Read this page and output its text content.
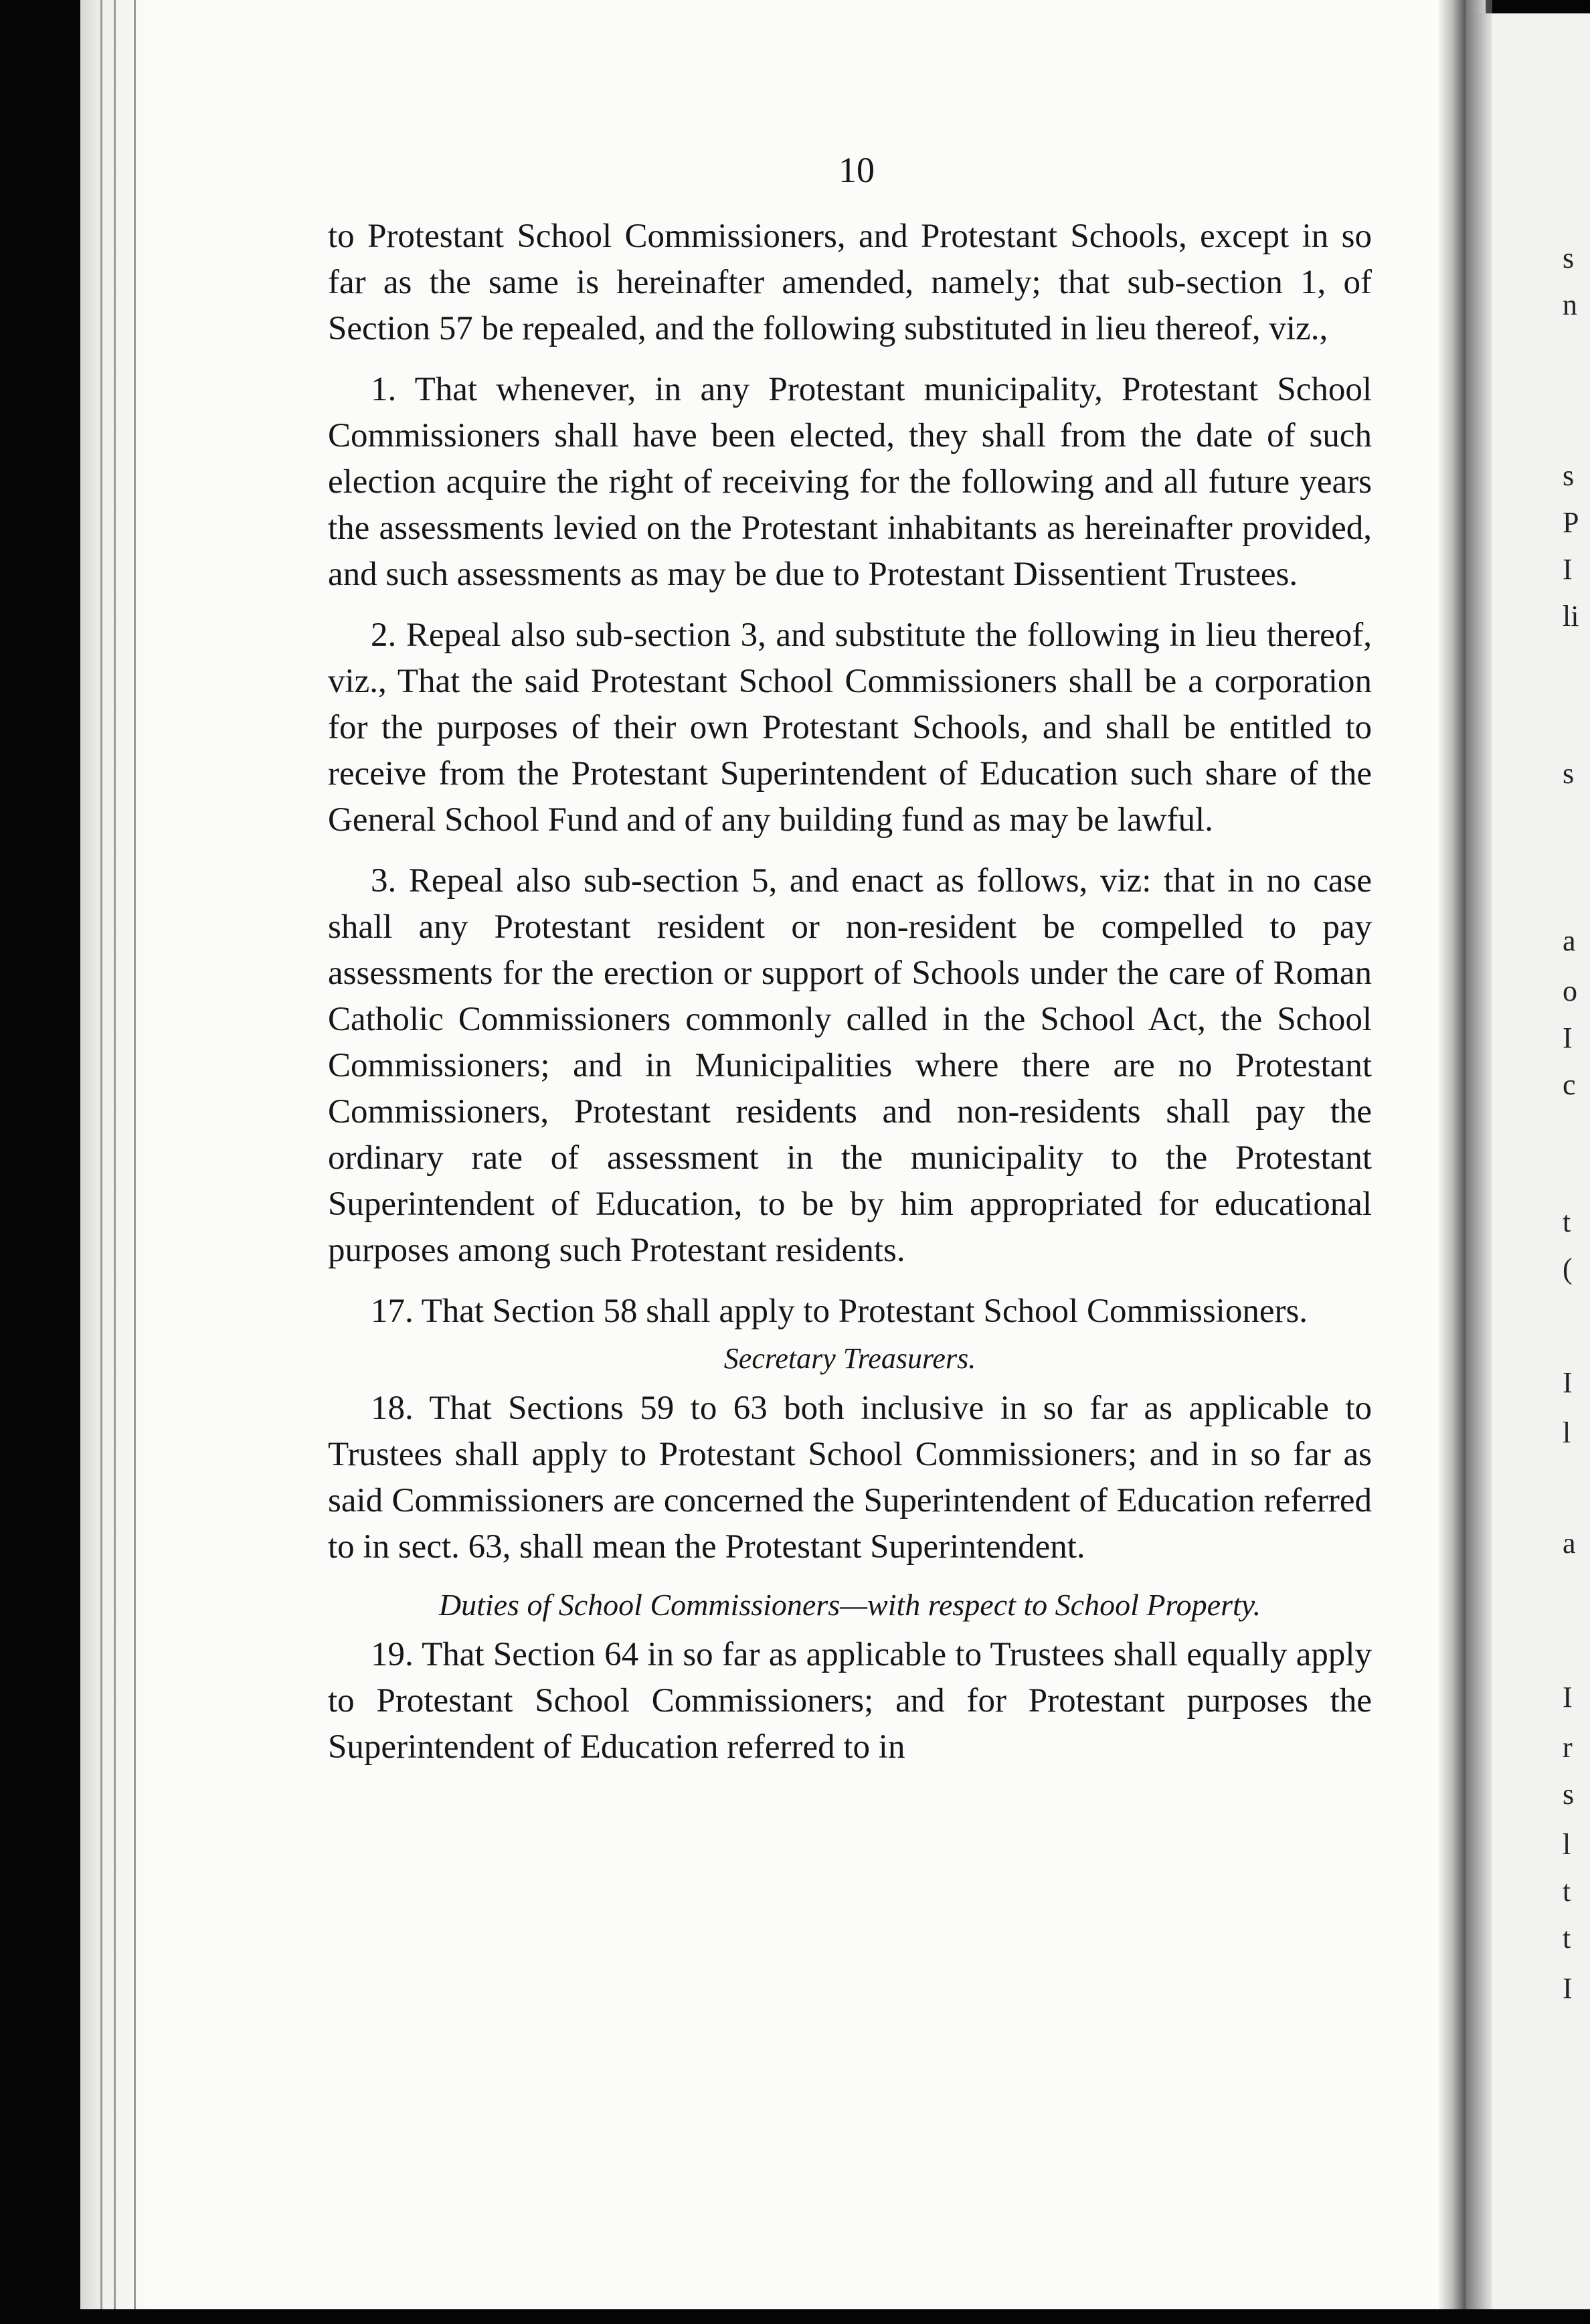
s
n
s
P
I
li
s
a
o
I
c
t
(
I
l
a
I
r
s
l
t
t
I
10

to Protestant School Commissioners, and Protestant Schools, except in so far as the same is hereinafter amended, namely; that sub-section 1, of Section 57 be repealed, and the following substituted in lieu thereof, viz.,

1. That whenever, in any Protestant municipality, Protestant School Commissioners shall have been elected, they shall from the date of such election acquire the right of receiving for the following and all future years the assessments levied on the Protestant inhabitants as hereinafter provided, and such assessments as may be due to Protestant Dissentient Trustees.

2. Repeal also sub-section 3, and substitute the following in lieu thereof, viz., That the said Protestant School Commissioners shall be a corporation for the purposes of their own Protestant Schools, and shall be entitled to receive from the Protestant Superintendent of Education such share of the General School Fund and of any building fund as may be lawful.

3. Repeal also sub-section 5, and enact as follows, viz: that in no case shall any Protestant resident or non-resident be compelled to pay assessments for the erection or support of Schools under the care of Roman Catholic Commissioners commonly called in the School Act, the School Commissioners; and in Municipalities where there are no Protestant Commissioners, Protestant residents and non-residents shall pay the ordinary rate of assessment in the municipality to the Protestant Superintendent of Education, to be by him appropriated for educational purposes among such Protestant residents.

17. That Section 58 shall apply to Protestant School Commissioners.

Secretary Treasurers.

18. That Sections 59 to 63 both inclusive in so far as applicable to Trustees shall apply to Protestant School Commissioners; and in so far as said Commissioners are concerned the Superintendent of Education referred to in sect. 63, shall mean the Protestant Superintendent.

Duties of School Commissioners—with respect to School Property.

19. That Section 64 in so far as applicable to Trustees shall equally apply to Protestant School Commissioners; and for Protestant purposes the Superintendent of Education referred to in
